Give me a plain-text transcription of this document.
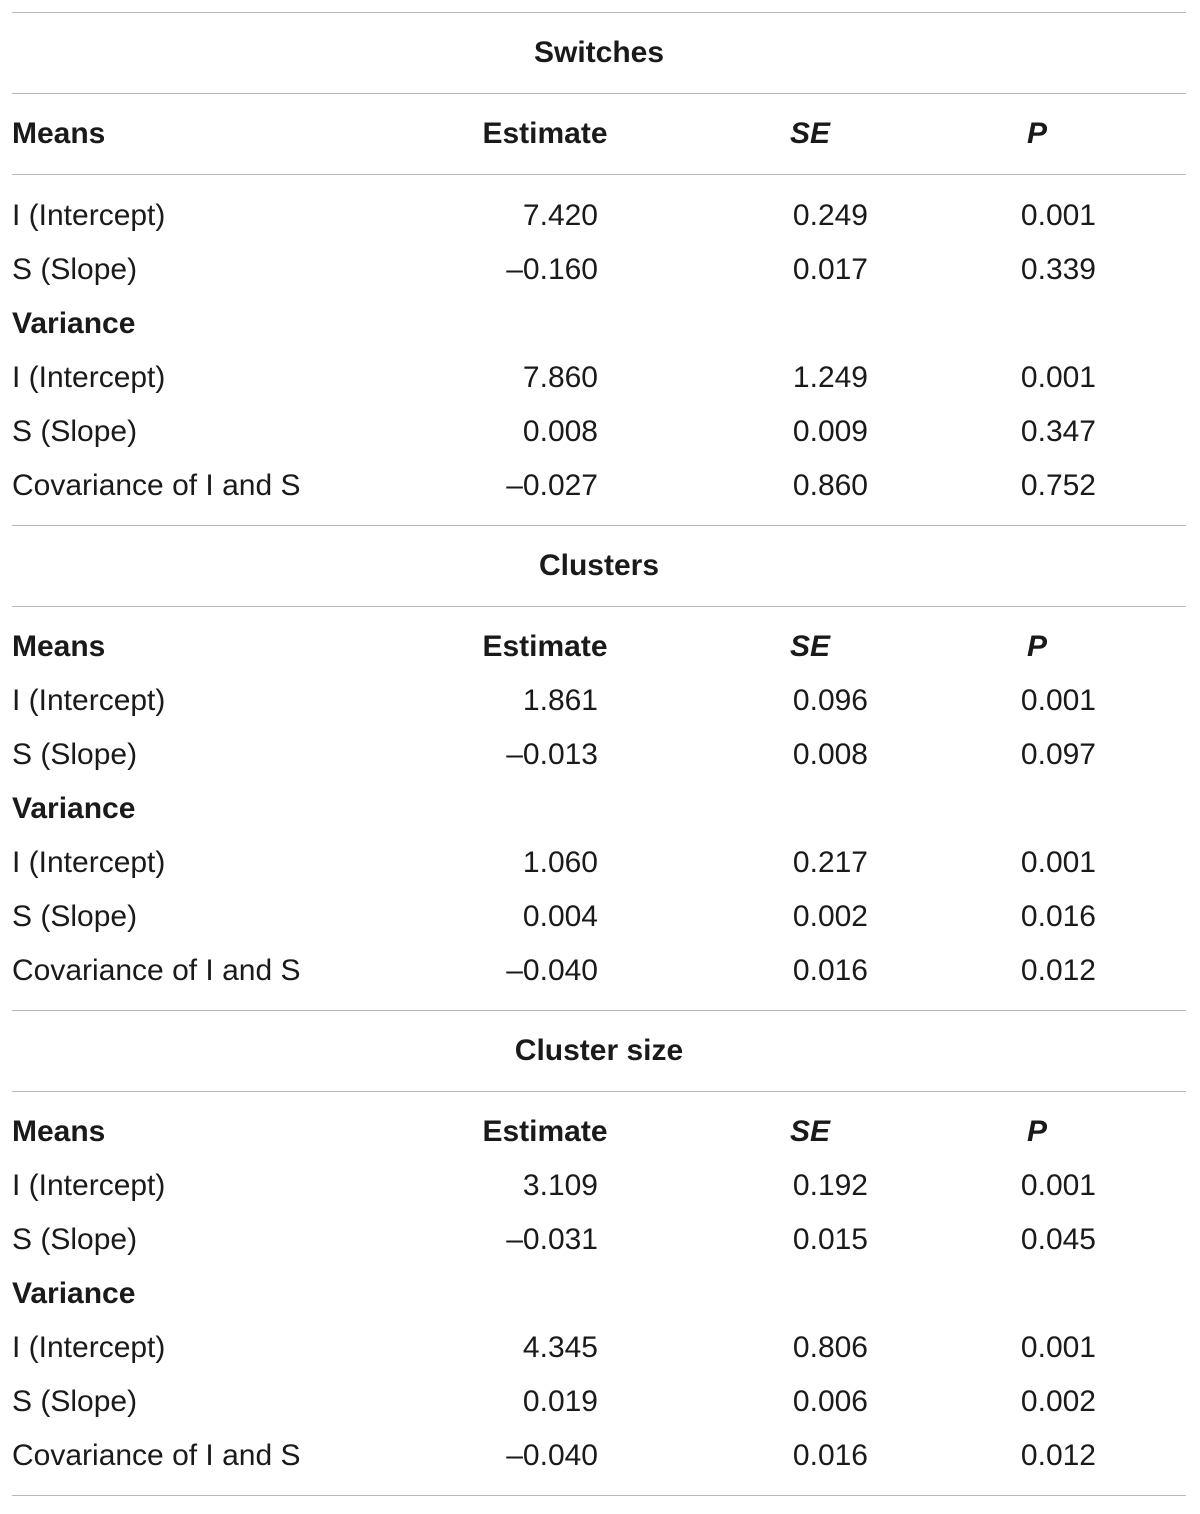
Switches
Means	Estimate	SE	P
I (Intercept)	7.420	0.249	0.001
S (Slope)	–0.160	0.017	0.339
Variance
I (Intercept)	7.860	1.249	0.001
S (Slope)	0.008	0.009	0.347
Covariance of I and S	–0.027	0.860	0.752
Clusters
Means	Estimate	SE	P
I (Intercept)	1.861	0.096	0.001
S (Slope)	–0.013	0.008	0.097
Variance
I (Intercept)	1.060	0.217	0.001
S (Slope)	0.004	0.002	0.016
Covariance of I and S	–0.040	0.016	0.012
Cluster size
Means	Estimate	SE	P
I (Intercept)	3.109	0.192	0.001
S (Slope)	–0.031	0.015	0.045
Variance
I (Intercept)	4.345	0.806	0.001
S (Slope)	0.019	0.006	0.002
Covariance of I and S	–0.040	0.016	0.012
